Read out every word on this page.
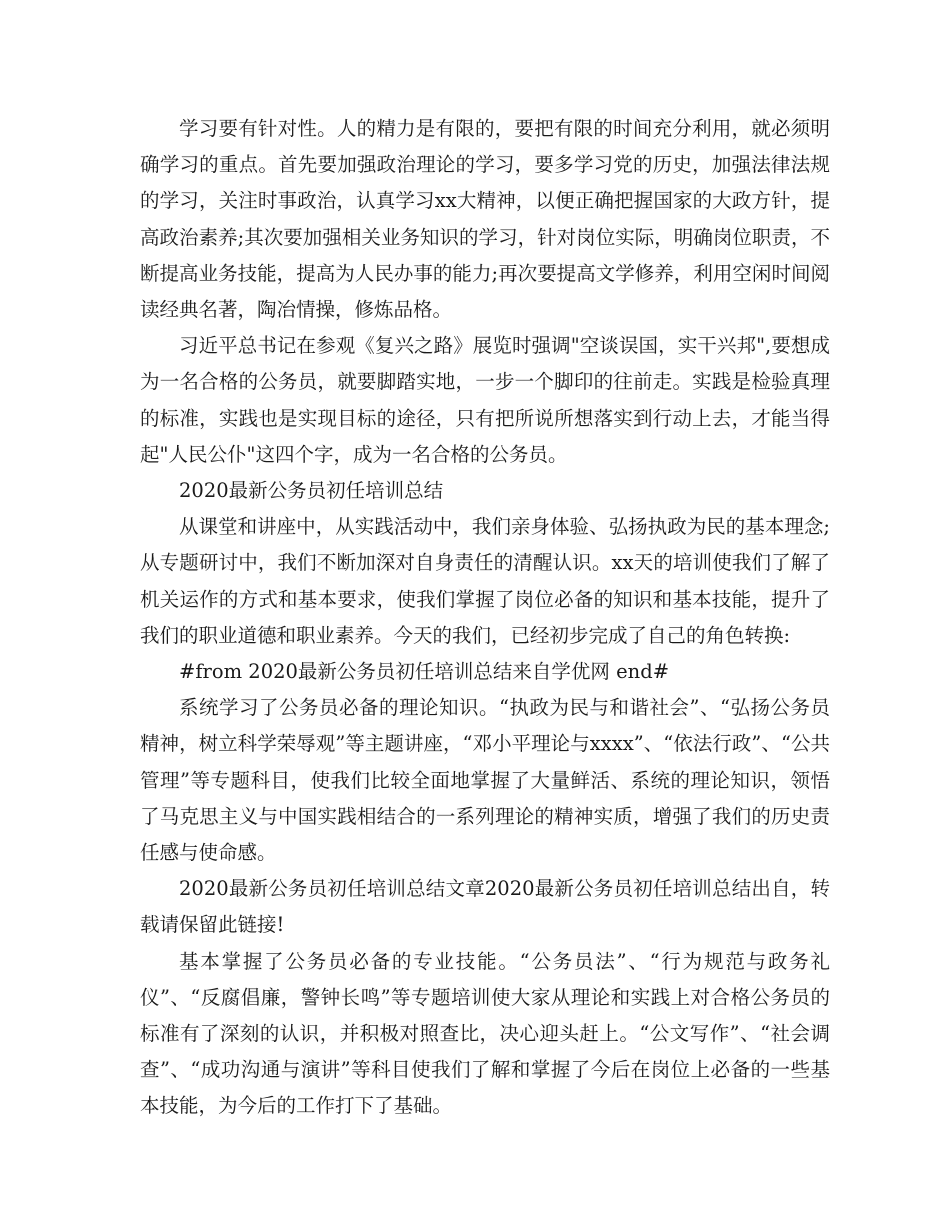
学习要有针对性。人的精力是有限的，要把有限的时间充分利用，就必须明确学习的重点。首先要加强政治理论的学习，要多学习党的历史，加强法律法规的学习，关注时事政治，认真学习xx大精神，以便正确把握国家的大政方针，提高政治素养;其次要加强相关业务知识的学习，针对岗位实际，明确岗位职责，不断提高业务技能，提高为人民办事的能力;再次要提高文学修养，利用空闲时间阅读经典名著，陶冶情操，修炼品格。

习近平总书记在参观《复兴之路》展览时强调"空谈误国，实干兴邦",要想成为一名合格的公务员，就要脚踏实地，一步一个脚印的往前走。实践是检验真理的标准，实践也是实现目标的途径，只有把所说所想落实到行动上去，才能当得起"人民公仆"这四个字，成为一名合格的公务员。

2020最新公务员初任培训总结

从课堂和讲座中，从实践活动中，我们亲身体验、弘扬执政为民的基本理念;从专题研讨中，我们不断加深对自身责任的清醒认识。xx天的培训使我们了解了机关运作的方式和基本要求，使我们掌握了岗位必备的知识和基本技能，提升了我们的职业道德和职业素养。今天的我们，已经初步完成了自己的角色转换:

#from 2020最新公务员初任培训总结来自学优网 end#

系统学习了公务员必备的理论知识。“执政为民与和谐社会”、“弘扬公务员精神，树立科学荣辱观”等主题讲座，“邓小平理论与xxxx”、“依法行政”、“公共管理”等专题科目，使我们比较全面地掌握了大量鲜活、系统的理论知识，领悟了马克思主义与中国实践相结合的一系列理论的精神实质，增强了我们的历史责任感与使命感。

2020最新公务员初任培训总结文章2020最新公务员初任培训总结出自，转载请保留此链接!

基本掌握了公务员必备的专业技能。“公务员法”、“行为规范与政务礼仪”、“反腐倡廉，警钟长鸣”等专题培训使大家从理论和实践上对合格公务员的标准有了深刻的认识，并积极对照查比，决心迎头赶上。“公文写作”、“社会调查”、“成功沟通与演讲”等科目使我们了解和掌握了今后在岗位上必备的一些基本技能，为今后的工作打下了基础。
